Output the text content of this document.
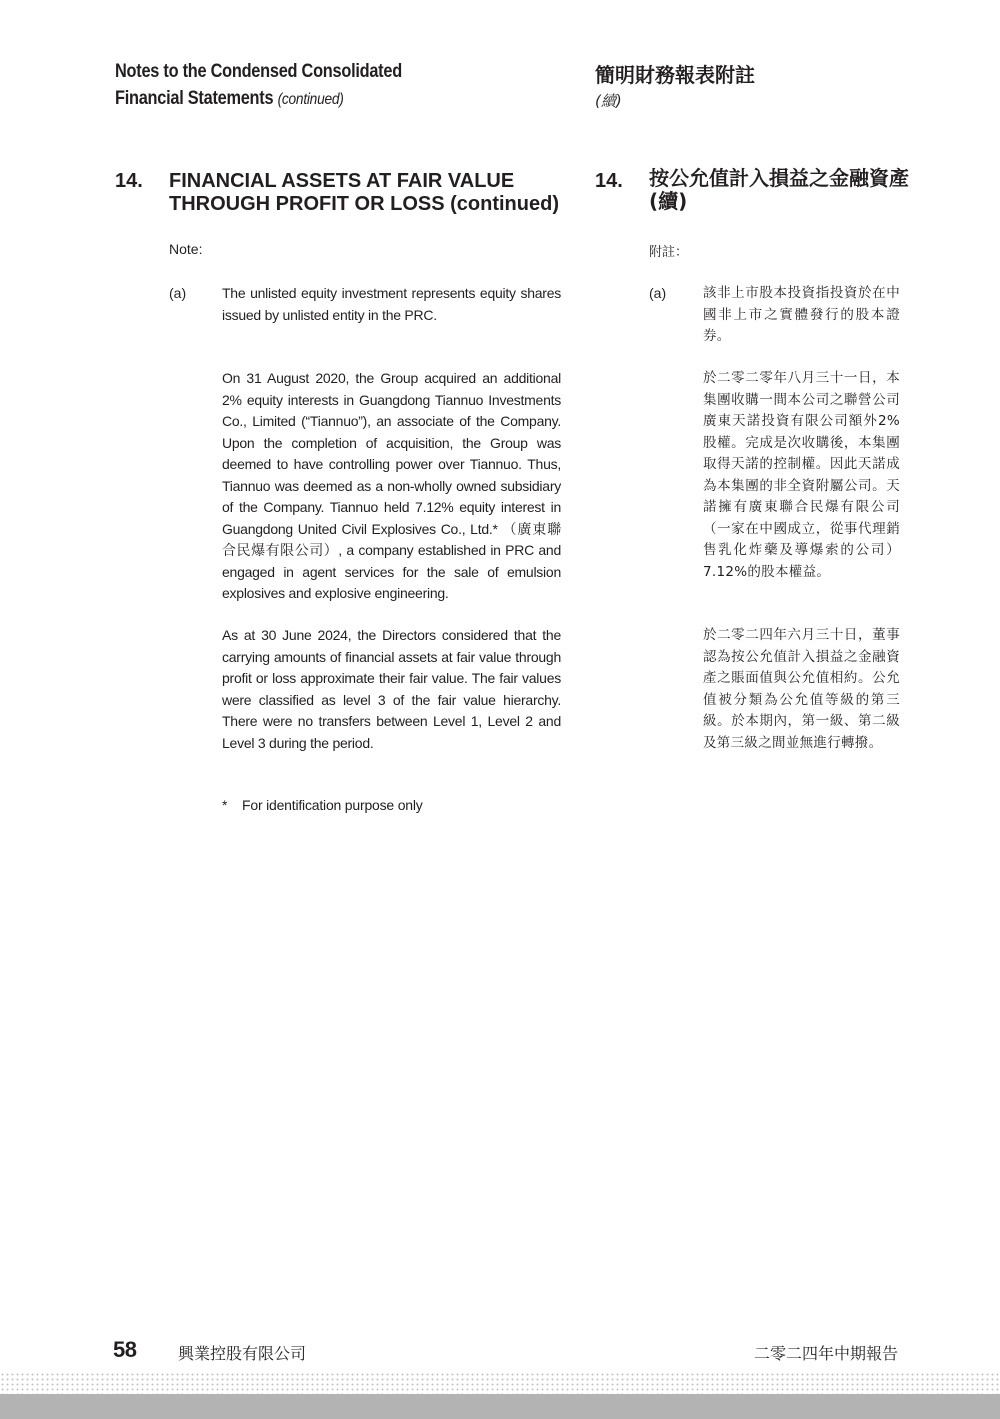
Notes to the Condensed Consolidated
Financial Statements (continued)
簡明財務報表附註
(續)
14. FINANCIAL ASSETS AT FAIR VALUE THROUGH PROFIT OR LOSS (continued)
14. 按公允值計入損益之金融資產 (續)
Note:	附註：
(a)	(a)
The unlisted equity investment represents equity shares issued by unlisted entity in the PRC.
On 31 August 2020, the Group acquired an additional 2% equity interests in Guangdong Tiannuo Investments Co., Limited (“Tiannuo”), an associate of the Company. Upon the completion of acquisition, the Group was deemed to have controlling power over Tiannuo. Thus, Tiannuo was deemed as a non-wholly owned subsidiary of the Company. Tiannuo held 7.12% equity interest in Guangdong United Civil Explosives Co., Ltd.* （廣東聯合民爆有限公司）, a company established in PRC and engaged in agent services for the sale of emulsion explosives and explosive engineering.
As at 30 June 2024, the Directors considered that the carrying amounts of financial assets at fair value through profit or loss approximate their fair value. The fair values were classified as level 3 of the fair value hierarchy. There were no transfers between Level 1, Level 2 and Level 3 during the period.
該非上市股本投資指投資於在中國非上市之實體發行的股本證券。
於二零二零年八月三十一日，本集團收購一間本公司之聯營公司廣東天諾投資有限公司額外2%股權。完成是次收購後，本集團取得天諾的控制權。因此天諾成為本集團的非全資附屬公司。天諾擁有廣東聯合民爆有限公司（一家在中國成立，從事代理銷售乳化炸藥及導爆索的公司）7.12%的股本權益。
於二零二四年六月三十日，董事認為按公允值計入損益之金融資產之賬面值與公允值相約。公允值被分類為公允值等級的第三級。於本期內，第一級、第二級及第三級之間並無進行轉撥。
* For identification purpose only
58	興業控股有限公司	二零二四年中期報告
